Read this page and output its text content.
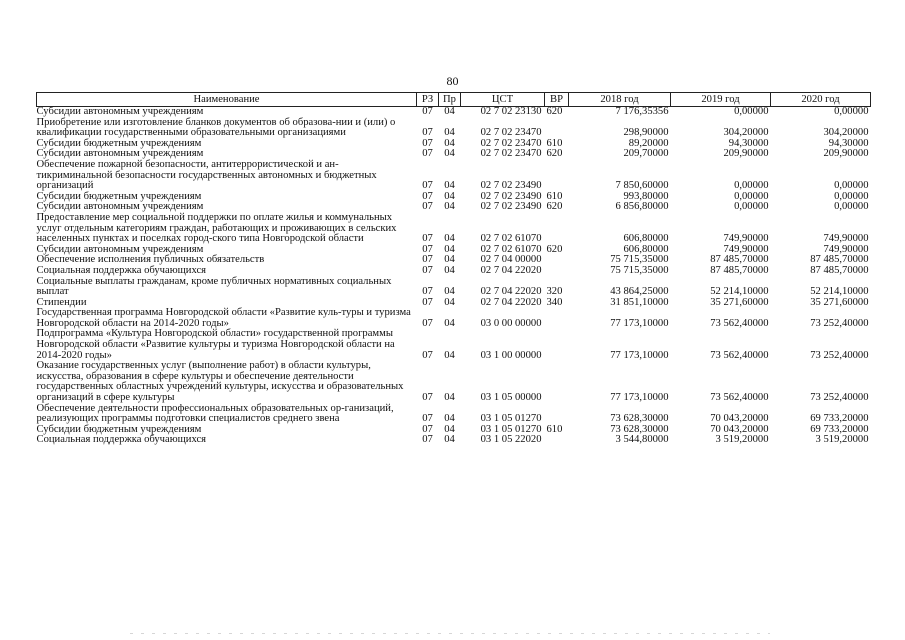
80
Наименование	РЗ	Пр	ЦСТ	ВР	2018 год	2019 год	2020 год
Субсидии автономным учреждениям	07	04	02 7 02 23130	620	7 176,35356	0,00000	0,00000
Приобретение или изготовление бланков документов об образова-нии и (или) о квалификации государственными образовательными организациями	07	04	02 7 02 23470		298,90000	304,20000	304,20000
Субсидии бюджетным учреждениям	07	04	02 7 02 23470	610	89,20000	94,30000	94,30000
Субсидии автономным учреждениям	07	04	02 7 02 23470	620	209,70000	209,90000	209,90000
Обеспечение пожарной безопасности, антитеррористической и ан-тикриминальной безопасности государственных автономных и бюджетных организаций	07	04	02 7 02 23490		7 850,60000	0,00000	0,00000
Субсидии бюджетным учреждениям	07	04	02 7 02 23490	610	993,80000	0,00000	0,00000
Субсидии автономным учреждениям	07	04	02 7 02 23490	620	6 856,80000	0,00000	0,00000
Предоставление мер социальной поддержки по оплате жилья и коммунальных услуг отдельным категориям граждан, работающих и проживающих в сельских населенных пунктах и поселках город-ского типа Новгородской области	07	04	02 7 02 61070		606,80000	749,90000	749,90000
Субсидии автономным учреждениям	07	04	02 7 02 61070	620	606,80000	749,90000	749,90000
Обеспечение исполнения публичных обязательств	07	04	02 7 04 00000		75 715,35000	87 485,70000	87 485,70000
Социальная поддержка обучающихся	07	04	02 7 04 22020		75 715,35000	87 485,70000	87 485,70000
Социальные выплаты гражданам, кроме публичных нормативных социальных выплат	07	04	02 7 04 22020	320	43 864,25000	52 214,10000	52 214,10000
Стипендии	07	04	02 7 04 22020	340	31 851,10000	35 271,60000	35 271,60000
Государственная программа Новгородской области «Развитие куль-туры и туризма Новгородской области на 2014-2020 годы»	07	04	03 0 00 00000		77 173,10000	73 562,40000	73 252,40000
Подпрограмма «Культура Новгородской области» государственной программы Новгородской области «Развитие культуры и туризма Новгородской области на 2014-2020 годы»	07	04	03 1 00 00000		77 173,10000	73 562,40000	73 252,40000
Оказание государственных услуг (выполнение работ) в области культуры, искусства, образования в сфере культуры и обеспечение деятельности государственных областных учреждений культуры, искусства и образовательных организаций в сфере культуры	07	04	03 1 05 00000		77 173,10000	73 562,40000	73 252,40000
Обеспечение деятельности профессиональных образовательных ор-ганизаций, реализующих программы подготовки специалистов среднего звена	07	04	03 1 05 01270		73 628,30000	70 043,20000	69 733,20000
Субсидии бюджетным учреждениям	07	04	03 1 05 01270	610	73 628,30000	70 043,20000	69 733,20000
Социальная поддержка обучающихся	07	04	03 1 05 22020		3 544,80000	3 519,20000	3 519,20000
